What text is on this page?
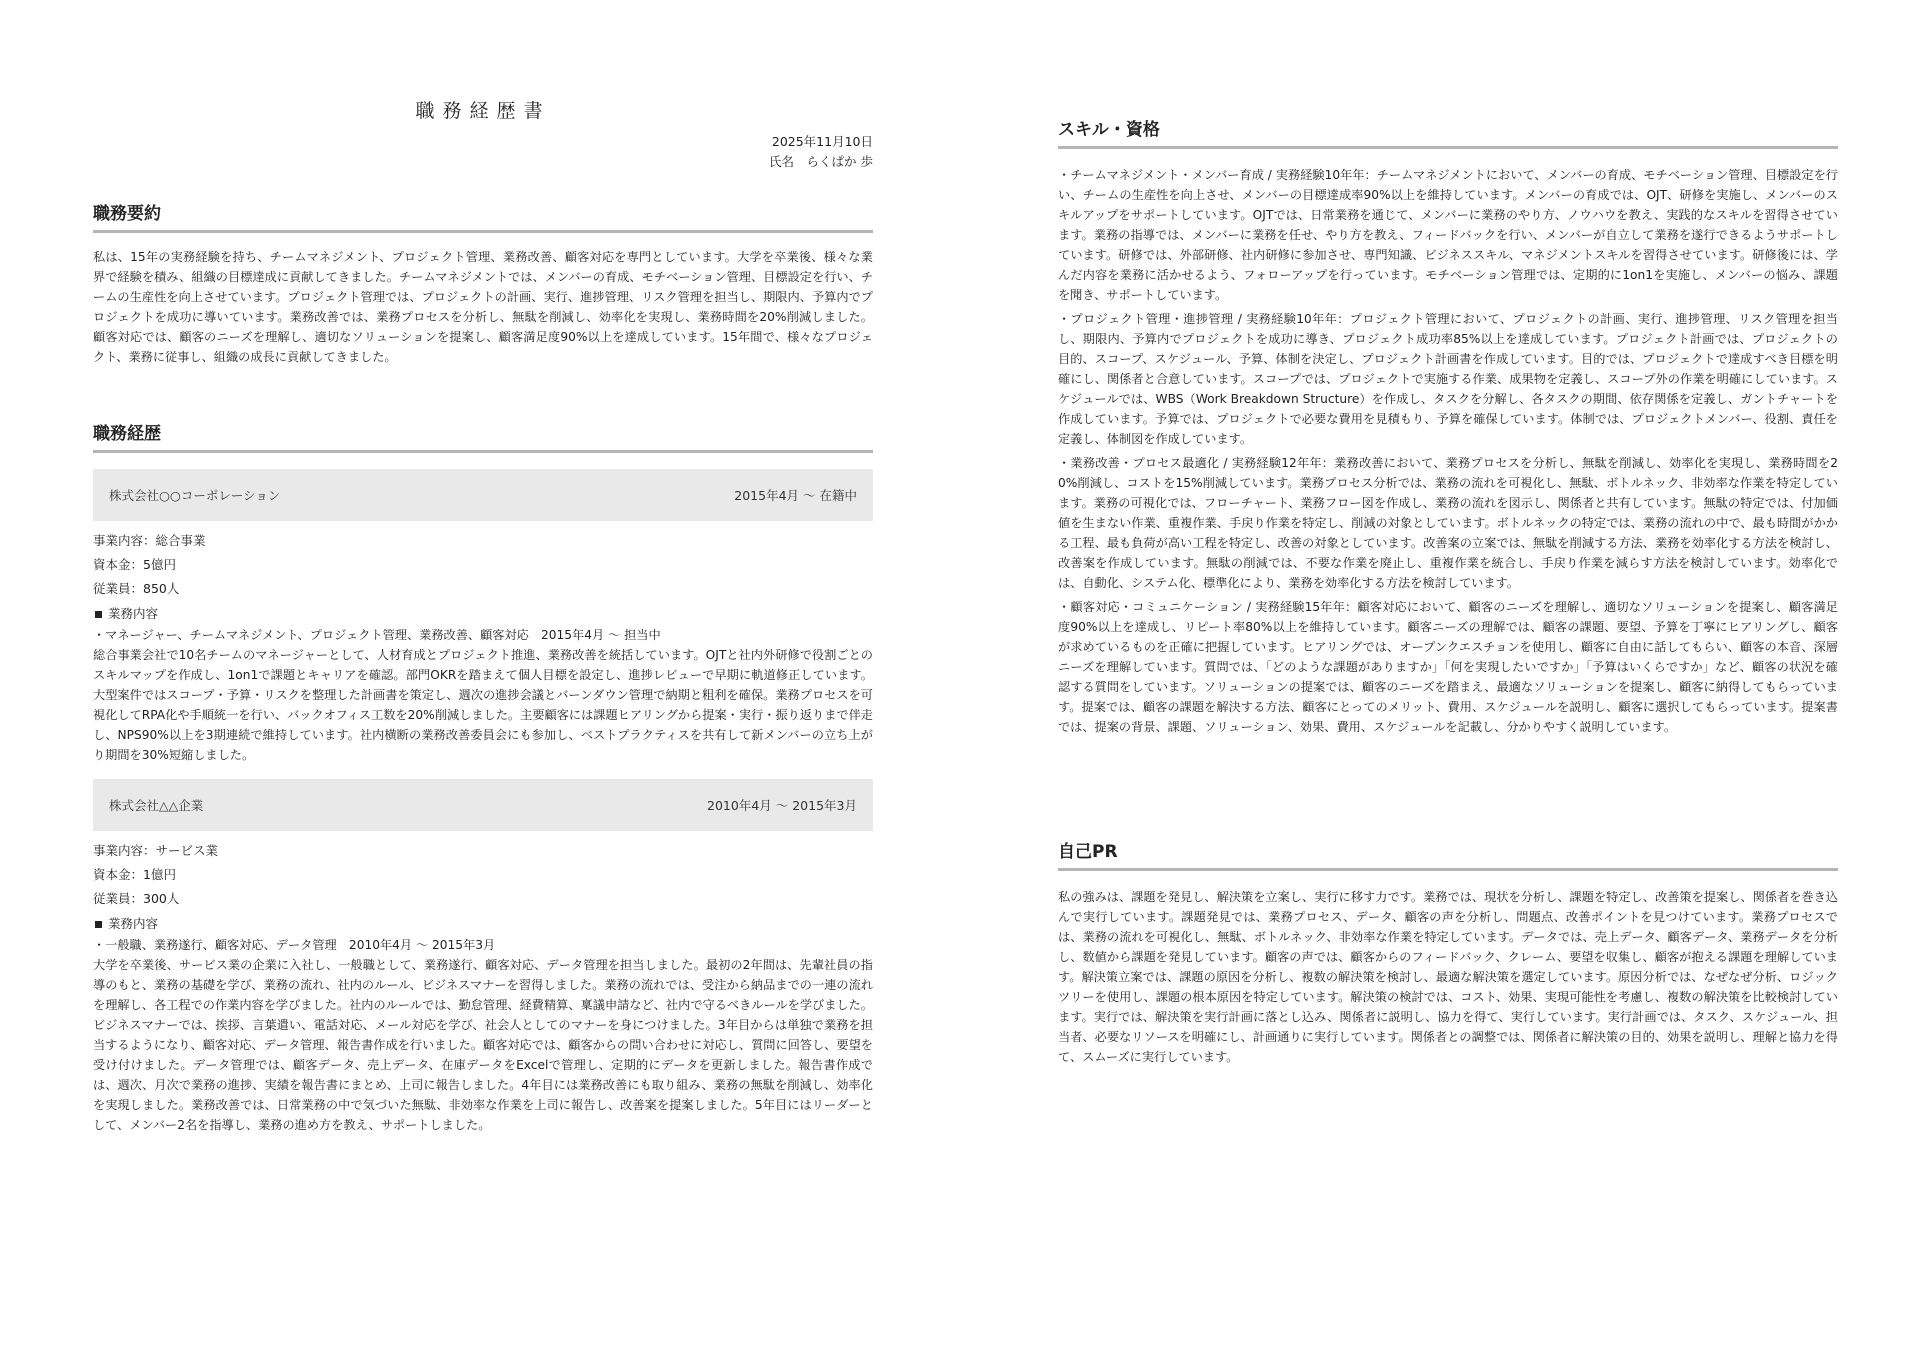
職務経歴書
2025年11月10日
氏名　 らくぱか 歩
職務要約

私は、15年の実務経験を持ち、チームマネジメント、プロジェクト管理、業務改善、顧客対応を専門としています。大学を卒業後、様々な業界で経験を積み、組織の目標達成に貢献してきました。チームマネジメントでは、メンバーの育成、モチベーション管理、目標設定を行い、チームの生産性を向上させています。プロジェクト管理では、プロジェクトの計画、実行、進捗管理、リスク管理を担当し、期限内、予算内でプロジェクトを成功に導いています。業務改善では、業務プロセスを分析し、無駄を削減し、効率化を実現し、業務時間を20%削減しました。顧客対応では、顧客のニーズを理解し、適切なソリューションを提案し、顧客満足度90%以上を達成しています。15年間で、様々なプロジェクト、業務に従事し、組織の成長に貢献してきました。

職務経歴
株式会社○○コーポレーション	2015年4月 〜 在籍中
事業内容：総合事業
資本金：5億円
従業員：850人
業務内容
・マネージャー、チームマネジメント、プロジェクト管理、業務改善、顧客対応　2015年4月 〜 担当中

総合事業会社で10名チームのマネージャーとして、人材育成とプロジェクト推進、業務改善を統括しています。OJTと社内外研修で役割ごとのスキルマップを作成し、1on1で課題とキャリアを確認。部門OKRを踏まえて個人目標を設定し、進捗レビューで早期に軌道修正しています。大型案件ではスコープ・予算・リスクを整理した計画書を策定し、週次の進捗会議とバーンダウン管理で納期と粗利を確保。業務プロセスを可視化してRPA化や手順統一を行い、バックオフィス工数を20%削減しました。主要顧客には課題ヒアリングから提案・実行・振り返りまで伴走し、NPS90%以上を3期連続で維持しています。社内横断の業務改善委員会にも参加し、ベストプラクティスを共有して新メンバーの立ち上がり期間を30%短縮しました。

株式会社△△企業	2010年4月 〜 2015年3月
事業内容：サービス業
資本金：1億円
従業員：300人
業務内容
・一般職、業務遂行、顧客対応、データ管理　2010年4月 〜 2015年3月

大学を卒業後、サービス業の企業に入社し、一般職として、業務遂行、顧客対応、データ管理を担当しました。最初の2年間は、先輩社員の指導のもと、業務の基礎を学び、業務の流れ、社内のルール、ビジネスマナーを習得しました。業務の流れでは、受注から納品までの一連の流れを理解し、各工程での作業内容を学びました。社内のルールでは、勤怠管理、経費精算、稟議申請など、社内で守るべきルールを学びました。ビジネスマナーでは、挨拶、言葉遣い、電話対応、メール対応を学び、社会人としてのマナーを身につけました。3年目からは単独で業務を担当するようになり、顧客対応、データ管理、報告書作成を行いました。顧客対応では、顧客からの問い合わせに対応し、質問に回答し、要望を受け付けました。データ管理では、顧客データ、売上データ、在庫データをExcelで管理し、定期的にデータを更新しました。報告書作成では、週次、月次で業務の進捗、実績を報告書にまとめ、上司に報告しました。4年目には業務改善にも取り組み、業務の無駄を削減し、効率化を実現しました。業務改善では、日常業務の中で気づいた無駄、非効率な作業を上司に報告し、改善案を提案しました。5年目にはリーダーとして、メンバー2名を指導し、業務の進め方を教え、サポートしました。

スキル・資格

・チームマネジメント・メンバー育成 / 実務経験10年年：チームマネジメントにおいて、メンバーの育成、モチベーション管理、目標設定を行い、チームの生産性を向上させ、メンバーの目標達成率90%以上を維持しています。メンバーの育成では、OJT、研修を実施し、メンバーのスキルアップをサポートしています。OJTでは、日常業務を通じて、メンバーに業務のやり方、ノウハウを教え、実践的なスキルを習得させています。業務の指導では、メンバーに業務を任せ、やり方を教え、フィードバックを行い、メンバーが自立して業務を遂行できるようサポートしています。研修では、外部研修、社内研修に参加させ、専門知識、ビジネススキル、マネジメントスキルを習得させています。研修後には、学んだ内容を業務に活かせるよう、フォローアップを行っています。モチベーション管理では、定期的に1on1を実施し、メンバーの悩み、課題を聞き、サポートしています。

・プロジェクト管理・進捗管理 / 実務経験10年年：プロジェクト管理において、プロジェクトの計画、実行、進捗管理、リスク管理を担当し、期限内、予算内でプロジェクトを成功に導き、プロジェクト成功率85%以上を達成しています。プロジェクト計画では、プロジェクトの目的、スコープ、スケジュール、予算、体制を決定し、プロジェクト計画書を作成しています。目的では、プロジェクトで達成すべき目標を明確にし、関係者と合意しています。スコープでは、プロジェクトで実施する作業、成果物を定義し、スコープ外の作業を明確にしています。スケジュールでは、WBS（Work Breakdown Structure）を作成し、タスクを分解し、各タスクの期間、依存関係を定義し、ガントチャートを作成しています。予算では、プロジェクトで必要な費用を見積もり、予算を確保しています。体制では、プロジェクトメンバー、役割、責任を定義し、体制図を作成しています。

・業務改善・プロセス最適化 / 実務経験12年年：業務改善において、業務プロセスを分析し、無駄を削減し、効率化を実現し、業務時間を20%削減し、コストを15%削減しています。業務プロセス分析では、業務の流れを可視化し、無駄、ボトルネック、非効率な作業を特定しています。業務の可視化では、フローチャート、業務フロー図を作成し、業務の流れを図示し、関係者と共有しています。無駄の特定では、付加価値を生まない作業、重複作業、手戻り作業を特定し、削減の対象としています。ボトルネックの特定では、業務の流れの中で、最も時間がかかる工程、最も負荷が高い工程を特定し、改善の対象としています。改善案の立案では、無駄を削減する方法、業務を効率化する方法を検討し、改善案を作成しています。無駄の削減では、不要な作業を廃止し、重複作業を統合し、手戻り作業を減らす方法を検討しています。効率化では、自動化、システム化、標準化により、業務を効率化する方法を検討しています。

・顧客対応・コミュニケーション / 実務経験15年年：顧客対応において、顧客のニーズを理解し、適切なソリューションを提案し、顧客満足度90%以上を達成し、リピート率80%以上を維持しています。顧客ニーズの理解では、顧客の課題、要望、予算を丁寧にヒアリングし、顧客が求めているものを正確に把握しています。ヒアリングでは、オープンクエスチョンを使用し、顧客に自由に話してもらい、顧客の本音、深層ニーズを理解しています。質問では、「どのような課題がありますか」「何を実現したいですか」「予算はいくらですか」など、顧客の状況を確認する質問をしています。ソリューションの提案では、顧客のニーズを踏まえ、最適なソリューションを提案し、顧客に納得してもらっています。提案では、顧客の課題を解決する方法、顧客にとってのメリット、費用、スケジュールを説明し、顧客に選択してもらっています。提案書では、提案の背景、課題、ソリューション、効果、費用、スケジュールを記載し、分かりやすく説明しています。

自己PR

私の強みは、課題を発見し、解決策を立案し、実行に移す力です。業務では、現状を分析し、課題を特定し、改善策を提案し、関係者を巻き込んで実行しています。課題発見では、業務プロセス、データ、顧客の声を分析し、問題点、改善ポイントを見つけています。業務プロセスでは、業務の流れを可視化し、無駄、ボトルネック、非効率な作業を特定しています。データでは、売上データ、顧客データ、業務データを分析し、数値から課題を発見しています。顧客の声では、顧客からのフィードバック、クレーム、要望を収集し、顧客が抱える課題を理解しています。解決策立案では、課題の原因を分析し、複数の解決策を検討し、最適な解決策を選定しています。原因分析では、なぜなぜ分析、ロジックツリーを使用し、課題の根本原因を特定しています。解決策の検討では、コスト、効果、実現可能性を考慮し、複数の解決策を比較検討しています。実行では、解決策を実行計画に落とし込み、関係者に説明し、協力を得て、実行しています。実行計画では、タスク、スケジュール、担当者、必要なリソースを明確にし、計画通りに実行しています。関係者との調整では、関係者に解決策の目的、効果を説明し、理解と協力を得て、スムーズに実行しています。
